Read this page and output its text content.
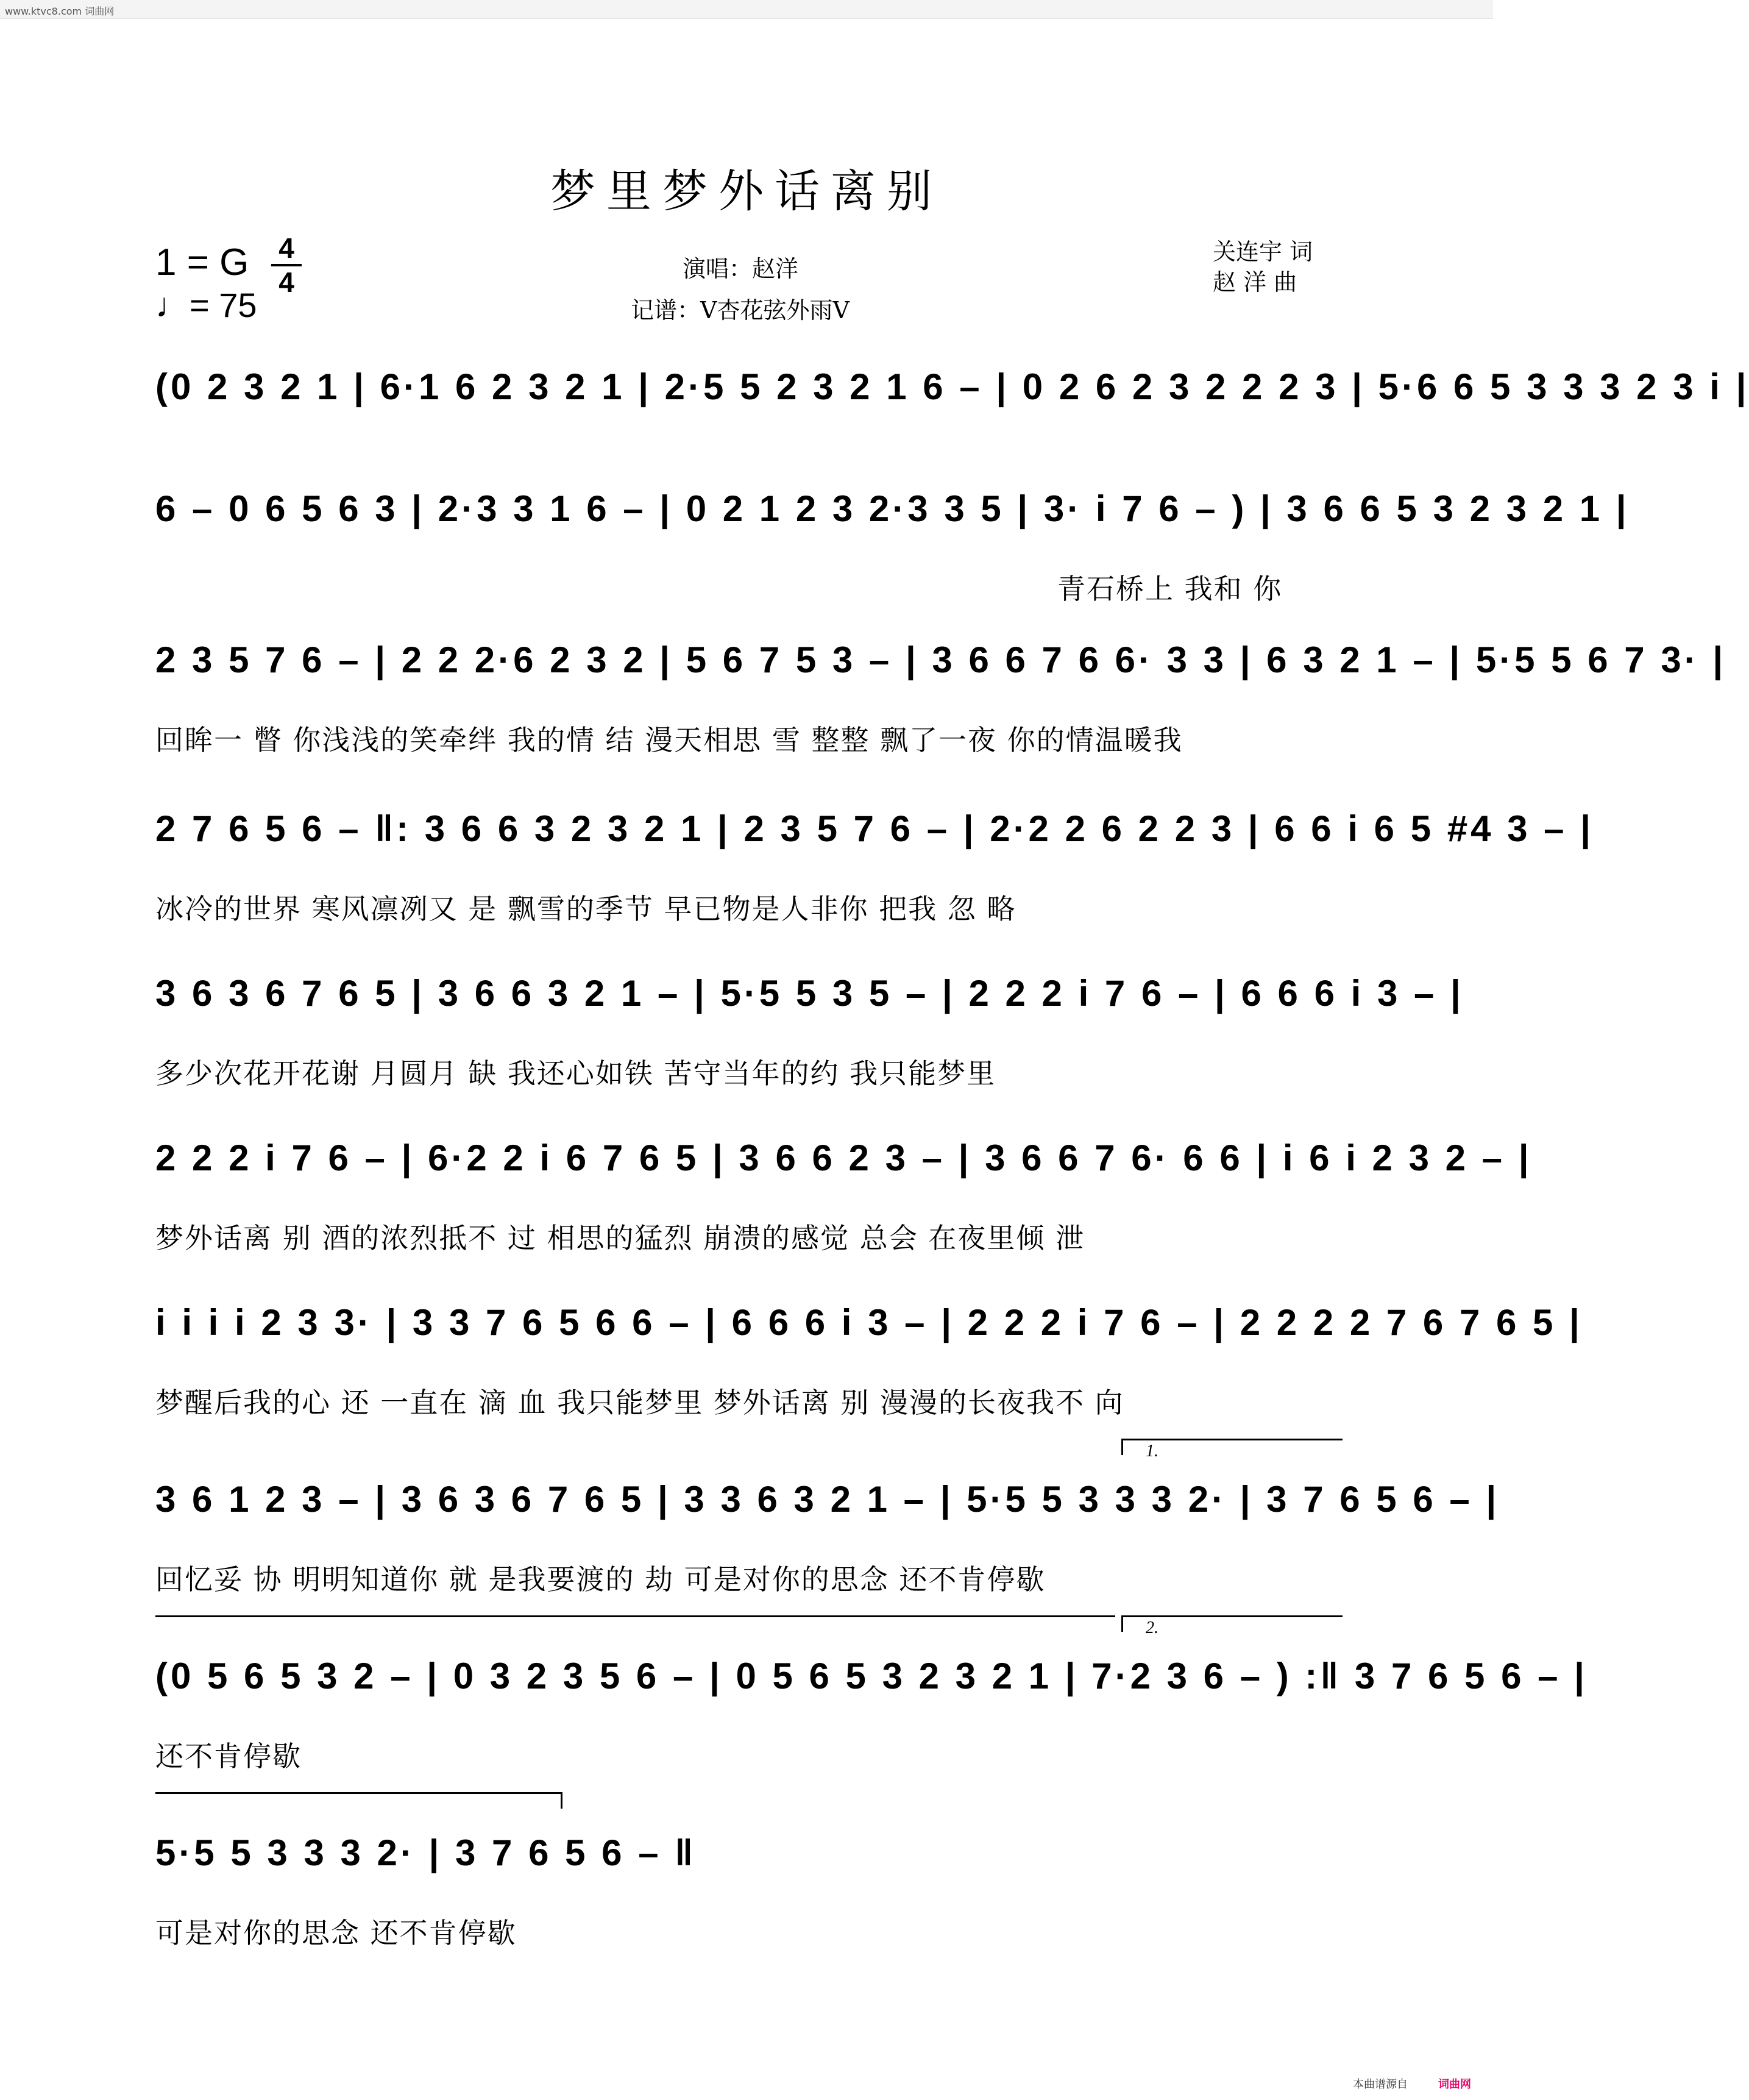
www.ktvc8.com 词曲网
梦里梦外话离别
1 = G 4
4
♩= 75
演唱：赵洋
记谱：V杏花弦外雨V
关连宇 词
赵 洋 曲
(0 2 3 2 1 | 6·1 6 2 3 2 1 | 2·5 5 2 3 2 1 6 – | 0 2 6 2 3 2 2 2 3 | 5·6 6 5 3 3 3 2 3 i |
6 – 0 6 5 6 3 | 2·3 3 1 6 – | 0 2 1 2 3 2·3 3 5 | 3· i 7 6 – ) | 3 6 6 5 3 2 3 2 1 |
青石桥上 我和 你
2 3 5 7 6 – | 2 2 2·6 2 3 2 | 5 6 7 5 3 – | 3 6 6 7 6 6· 3 3 | 6 3 2 1 – | 5·5 5 6 7 3· |
回眸一 瞥 你浅浅的笑牵绊 我的情 结 漫天相思 雪 整整 飘了一夜 你的情温暖我
2 7 6 5 6 – ‖: 3 6 6 3 2 3 2 1 | 2 3 5 7 6 – | 2·2 2 6 2 2 3 | 6 6 i 6 5 #4 3 – |
冰冷的世界 寒风凛冽又 是 飘雪的季节 早已物是人非你 把我 忽 略
3 6 3 6 7 6 5 | 3 6 6 3 2 1 – | 5·5 5 3 5 – | 2 2 2 i 7 6 – | 6 6 6 i 3 – |
多少次花开花谢 月圆月 缺 我还心如铁 苦守当年的约 我只能梦里
2 2 2 i 7 6 – | 6·2 2 i 6 7 6 5 | 3 6 6 2 3 – | 3 6 6 7 6· 6 6 | i 6 i 2 3 2 – |
梦外话离 别 酒的浓烈抵不 过 相思的猛烈 崩溃的感觉 总会 在夜里倾 泄
i i i i 2 3 3· | 3 3 7 6 5 6 6 – | 6 6 6 i 3 – | 2 2 2 i 7 6 – | 2 2 2 2 7 6 7 6 5 |
梦醒后我的心 还 一直在 滴 血 我只能梦里 梦外话离 别 漫漫的长夜我不 向
1.
3 6 1 2 3 – | 3 6 3 6 7 6 5 | 3 3 6 3 2 1 – | 5·5 5 3 3 3 2· | 3 7 6 5 6 – |
回忆妥 协 明明知道你 就 是我要渡的 劫 可是对你的思念 还不肯停歇
2.
(0 5 6 5 3 2 – | 0 3 2 3 5 6 – | 0 5 6 5 3 2 3 2 1 | 7·2 3 6 – ) :‖ 3 7 6 5 6 – |
还不肯停歇
5·5 5 3 3 3 2· | 3 7 6 5 6 – ‖
可是对你的思念 还不肯停歇
本曲谱源自	词曲网
